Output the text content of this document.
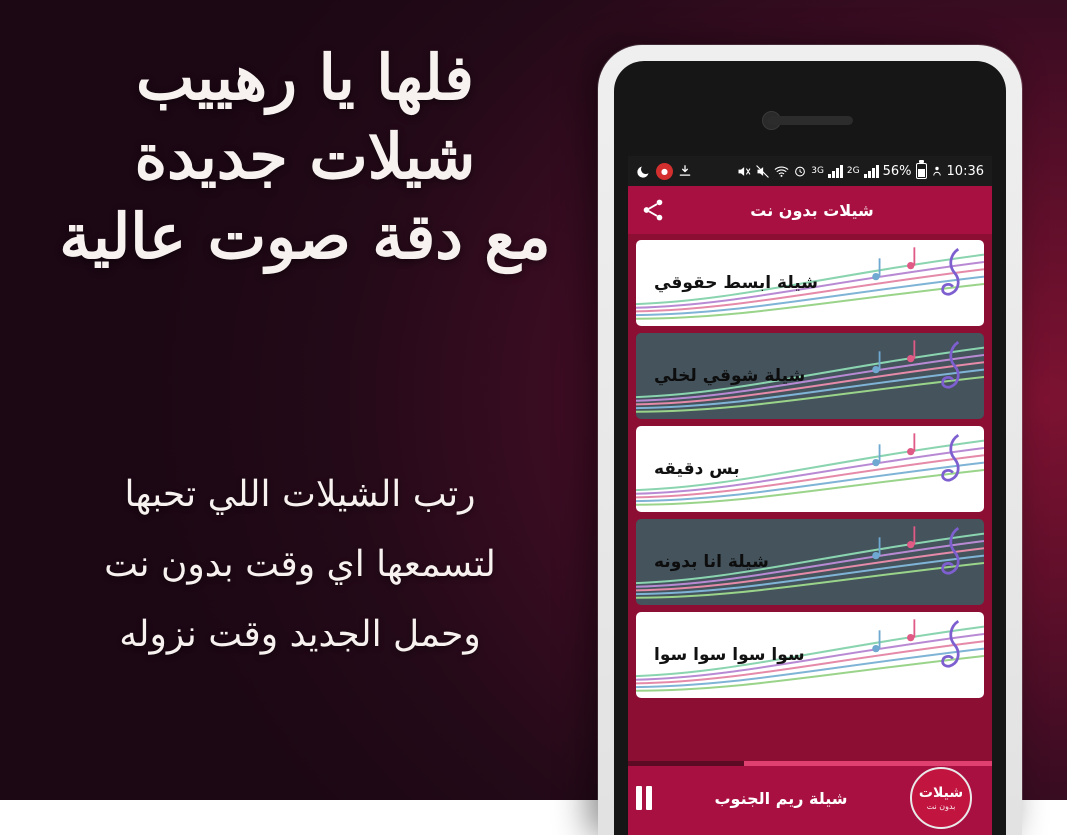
فلها يا رهييب
شيلات جديدة
مع دقة صوت عالية
رتب الشيلات اللي تحبها
لتسمعها اي وقت بدون نت
وحمل الجديد وقت نزوله
●	3G	2G 56%	10:36
شيلات بدون نت
شيلة ابسط حقوقي
شيلة شوقي لخلي
بس دقيقه
شيلة انا بدونه
سوا سوا سوا سوا
شيلات
بدون نت
شيلة ريم الجنوب
